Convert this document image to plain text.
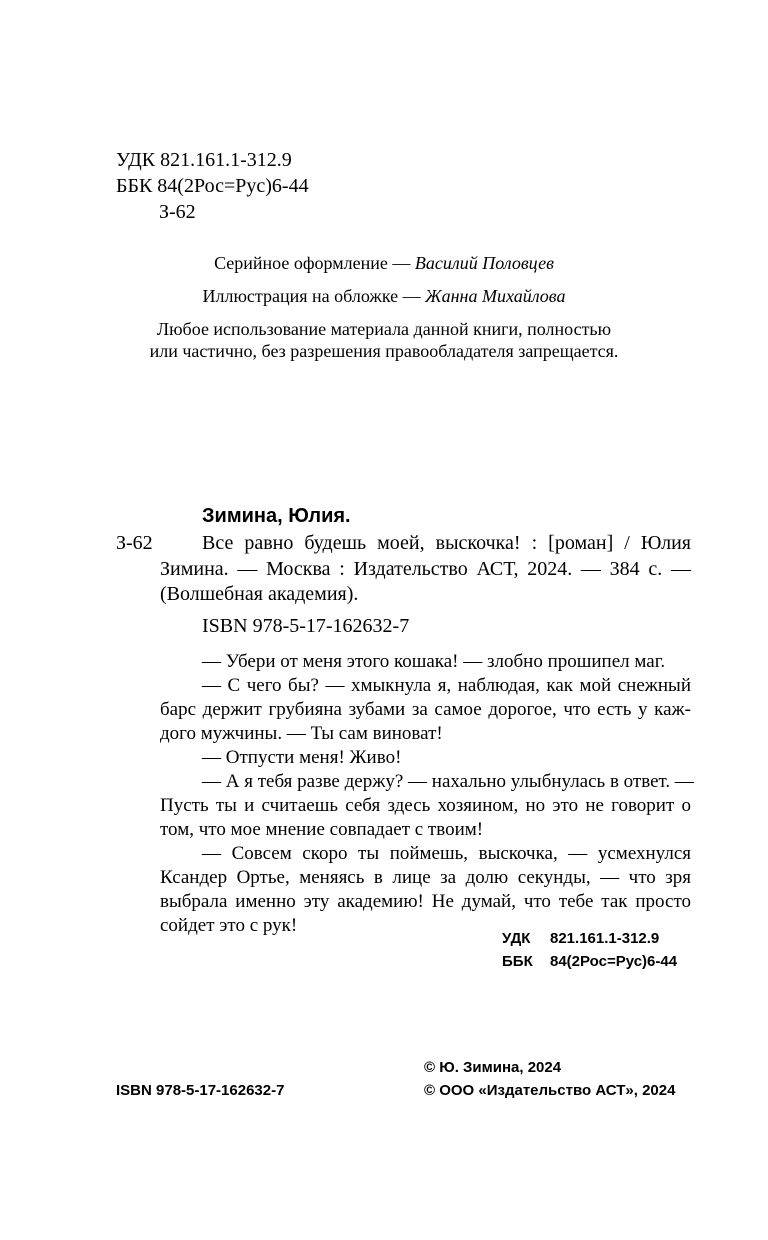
УДК 821.161.1-312.9
ББК 84(2Рос=Рус)6-44
З-62
Серийное оформление — Василий Половцев
Иллюстрация на обложке — Жанна Михайлова
Любое использование материала данной книги, полностью
или частично, без разрешения правообладателя запрещается.
Зимина, Юлия.
З-62 Все равно будешь моей, выскочка! : [роман] / Юлия
Зимина. — Москва : Издательство АСТ, 2024. — 384 с. —
(Волшебная академия).
ISBN 978-5-17-162632-7
— Убери от меня этого кошака! — злобно прошипел маг.
— С чего бы? — хмыкнула я, наблюдая, как мой снежный
барс держит грубияна зубами за самое дорогое, что есть у каж-
дого мужчины. — Ты сам виноват!
— Отпусти меня! Живо!
— А я тебя разве держу? — нахально улыбнулась в ответ. —
Пусть ты и считаешь себя здесь хозяином, но это не говорит о
том, что мое мнение совпадает с твоим!
— Совсем скоро ты поймешь, выскочка, — усмехнулся
Ксандер Ортье, меняясь в лице за долю секунды, — что зря
выбрала именно эту академию! Не думай, что тебе так просто
сойдет это с рук!
УДК 821.161.1-312.9
ББК 84(2Рос=Рус)6-44
ISBN 978-5-17-162632-7
© Ю. Зимина, 2024
© ООО «Издательство АСТ», 2024
